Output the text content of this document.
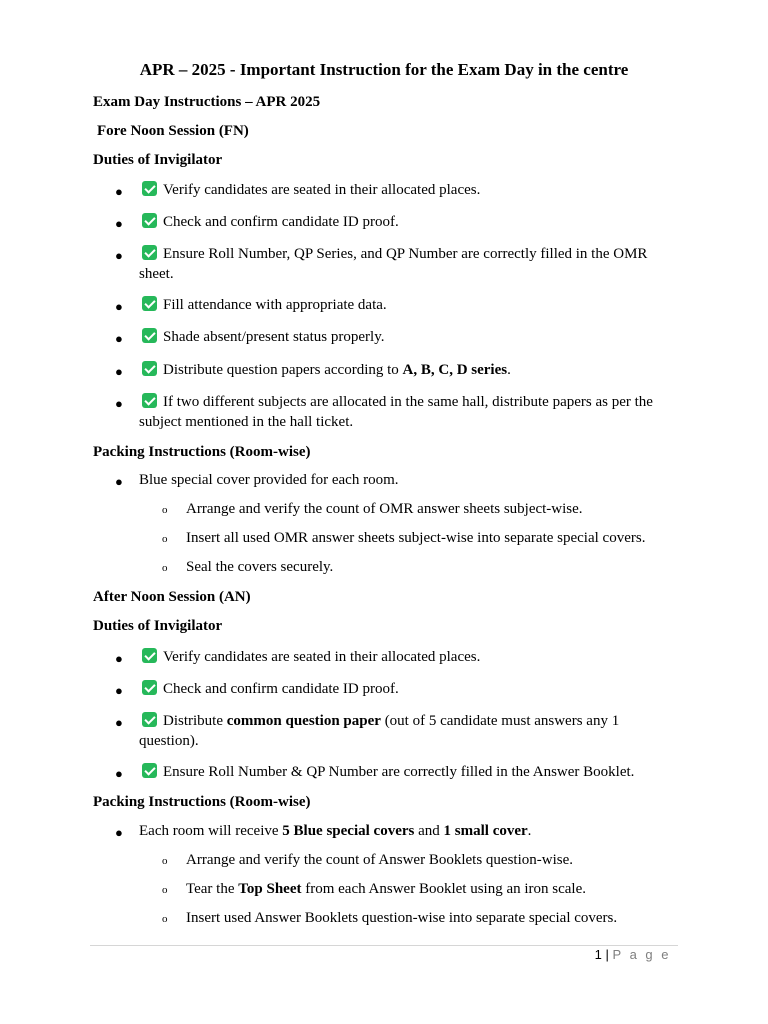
APR – 2025 - Important Instruction for the Exam Day in the centre
Exam Day Instructions – APR 2025
Fore Noon Session (FN)
Duties of Invigilator
●	Verify candidates are seated in their allocated places.
●	Check and confirm candidate ID proof.
●	Ensure Roll Number, QP Series, and QP Number are correctly filled in the OMR
sheet.
●	Fill attendance with appropriate data.
●	Shade absent/present status properly.
●	Distribute question papers according to A, B, C, D series.
●	If two different subjects are allocated in the same hall, distribute papers as per the
subject mentioned in the hall ticket.
Packing Instructions (Room-wise)
● Blue special cover provided for each room.
o Arrange and verify the count of OMR answer sheets subject-wise.
o Insert all used OMR answer sheets subject-wise into separate special covers.
o Seal the covers securely.
After Noon Session (AN)
Duties of Invigilator
●	Verify candidates are seated in their allocated places.
●	Check and confirm candidate ID proof.
●	Distribute common question paper (out of 5 candidate must answers any 1
question).
●	Ensure Roll Number & QP Number are correctly filled in the Answer Booklet.
Packing Instructions (Room-wise)
● Each room will receive 5 Blue special covers and 1 small cover.
o Arrange and verify the count of Answer Booklets question-wise.
o Tear the Top Sheet from each Answer Booklet using an iron scale.
o Insert used Answer Booklets question-wise into separate special covers.
1 | P a g e
